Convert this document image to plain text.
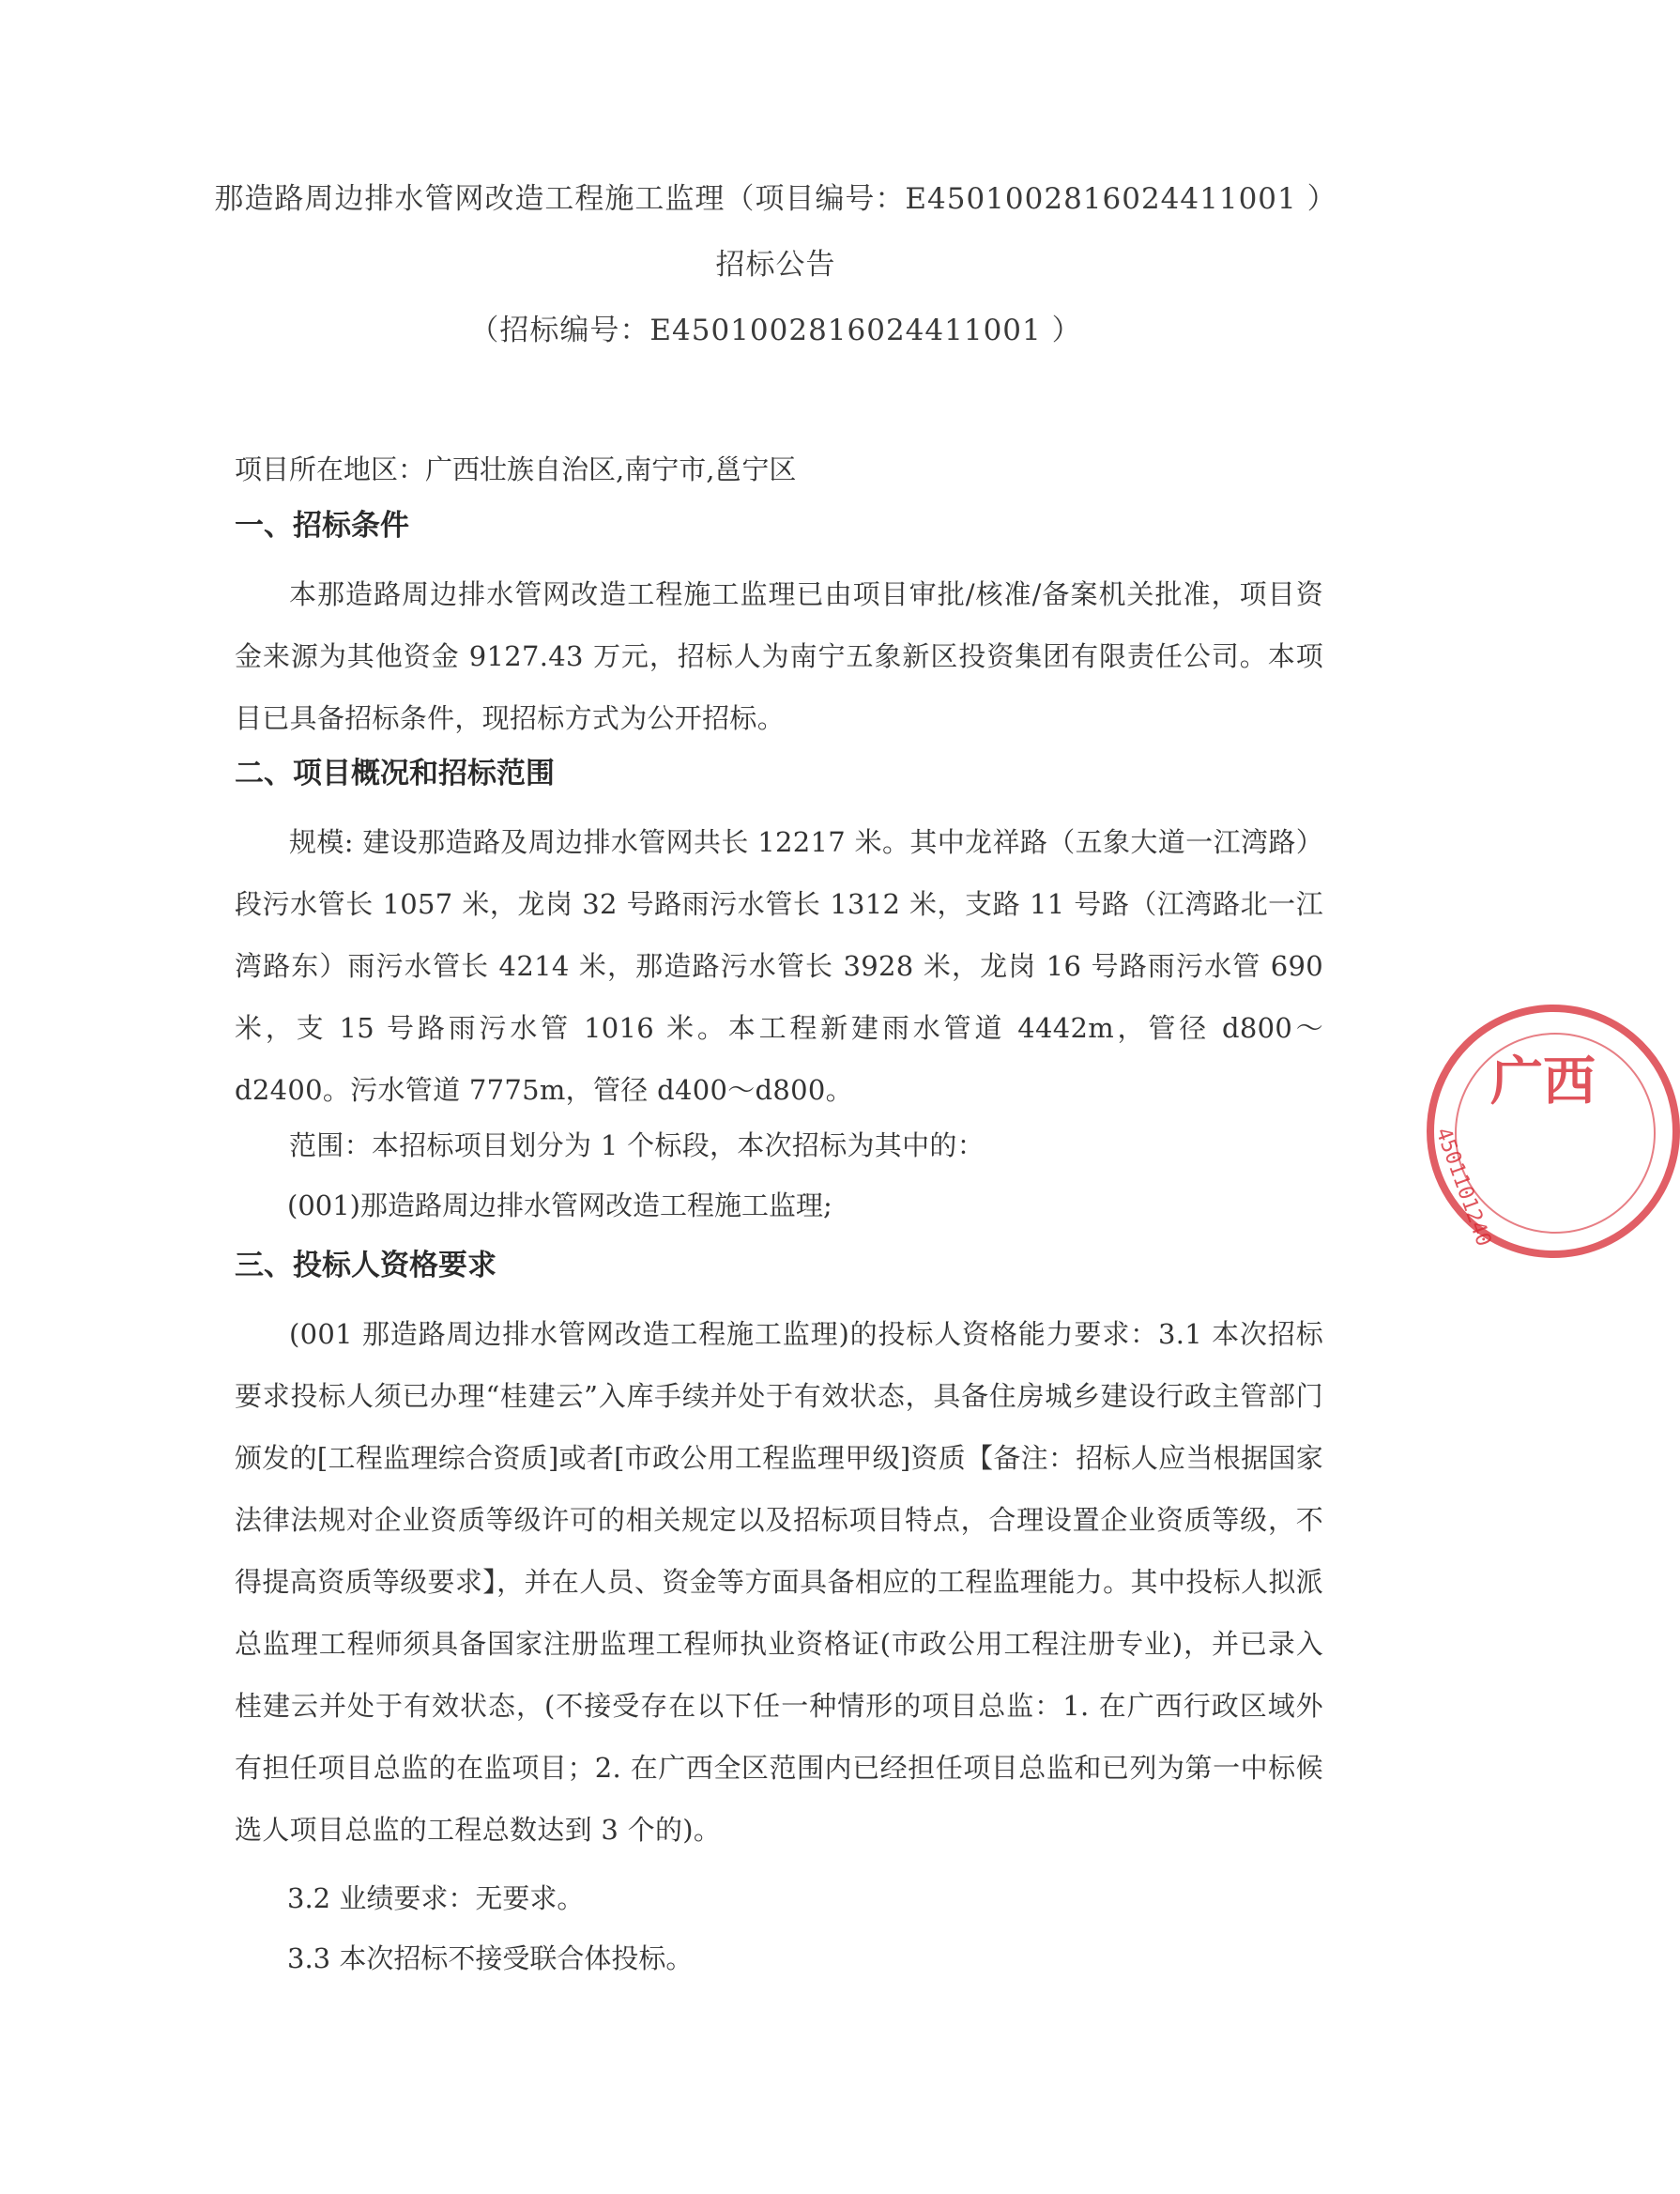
那造路周边排水管网改造工程施工监理（项目编号：E4501002816024411001 ）

招标公告

（招标编号：E4501002816024411001 ）

项目所在地区：广西壮族自治区,南宁市,邕宁区

一、招标条件

本那造路周边排水管网改造工程施工监理已由项目审批/核准/备案机关批准，项目资金来源为其他资金 9127.43 万元，招标人为南宁五象新区投资集团有限责任公司。本项目已具备招标条件，现招标方式为公开招标。

二、项目概况和招标范围

规模: 建设那造路及周边排水管网共长 12217 米。其中龙祥路（五象大道一江湾路）段污水管长 1057 米，龙岗 32 号路雨污水管长 1312 米，支路 11 号路（江湾路北一江湾路东）雨污水管长 4214 米，那造路污水管长 3928 米，龙岗 16 号路雨污水管 690 米，支 15 号路雨污水管 1016 米。本工程新建雨水管道 4442m，管径 d800～d2400。污水管道 7775m，管径 d400～d800。

范围：本招标项目划分为 1 个标段，本次招标为其中的：

(001)那造路周边排水管网改造工程施工监理;

三、投标人资格要求

(001 那造路周边排水管网改造工程施工监理)的投标人资格能力要求：3.1 本次招标要求投标人须已办理“桂建云”入库手续并处于有效状态，具备住房城乡建设行政主管部门颁发的[工程监理综合资质]或者[市政公用工程监理甲级]资质【备注：招标人应当根据国家法律法规对企业资质等级许可的相关规定以及招标项目特点，合理设置企业资质等级，不得提高资质等级要求】，并在人员、资金等方面具备相应的工程监理能力。其中投标人拟派总监理工程师须具备国家注册监理工程师执业资格证(市政公用工程注册专业)，并已录入桂建云并处于有效状态，(不接受存在以下任一种情形的项目总监：1. 在广西行政区域外有担任项目总监的在监项目；2. 在广西全区范围内已经担任项目总监和已列为第一中标候选人项目总监的工程总数达到 3 个的)。

3.2 业绩要求：无要求。

3.3 本次招标不接受联合体投标。

广西
4501101240
